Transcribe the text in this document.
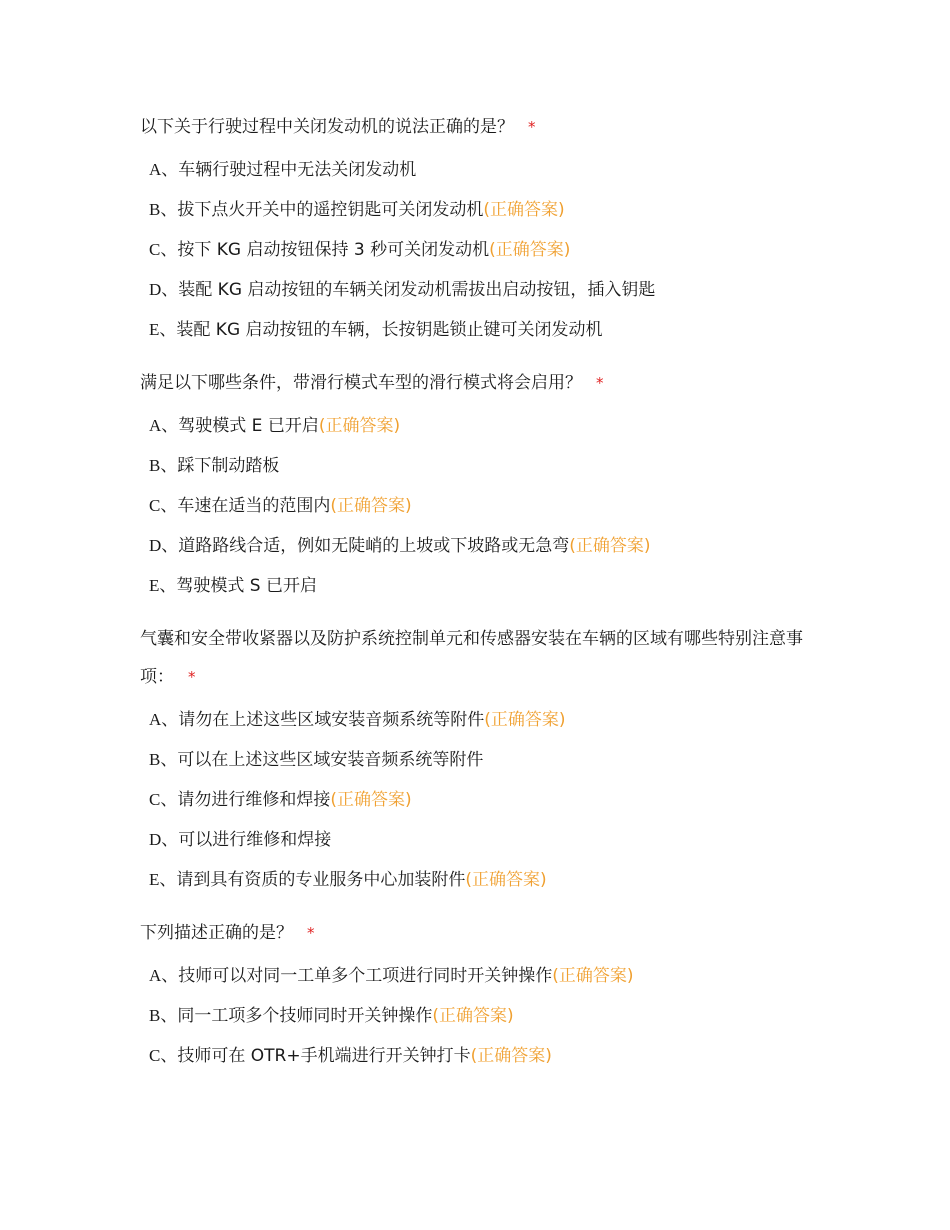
以下关于行驶过程中关闭发动机的说法正确的是？ *
A、车辆行驶过程中无法关闭发动机
B、拔下点火开关中的遥控钥匙可关闭发动机(正确答案)
C、按下 KG 启动按钮保持 3 秒可关闭发动机(正确答案)
D、装配 KG 启动按钮的车辆关闭发动机需拔出启动按钮，插入钥匙
E、装配 KG 启动按钮的车辆，长按钥匙锁止键可关闭发动机
满足以下哪些条件，带滑行模式车型的滑行模式将会启用？ *
A、驾驶模式 E 已开启(正确答案)
B、踩下制动踏板
C、车速在适当的范围内(正确答案)
D、道路路线合适，例如无陡峭的上坡或下坡路或无急弯(正确答案)
E、驾驶模式 S 已开启
气囊和安全带收紧器以及防护系统控制单元和传感器安装在车辆的区域有哪些特别注意事项： *
A、请勿在上述这些区域安装音频系统等附件(正确答案)
B、可以在上述这些区域安装音频系统等附件
C、请勿进行维修和焊接(正确答案)
D、可以进行维修和焊接
E、请到具有资质的专业服务中心加装附件(正确答案)
下列描述正确的是？ *
A、技师可以对同一工单多个工项进行同时开关钟操作(正确答案)
B、同一工项多个技师同时开关钟操作(正确答案)
C、技师可在 OTR+手机端进行开关钟打卡(正确答案)
